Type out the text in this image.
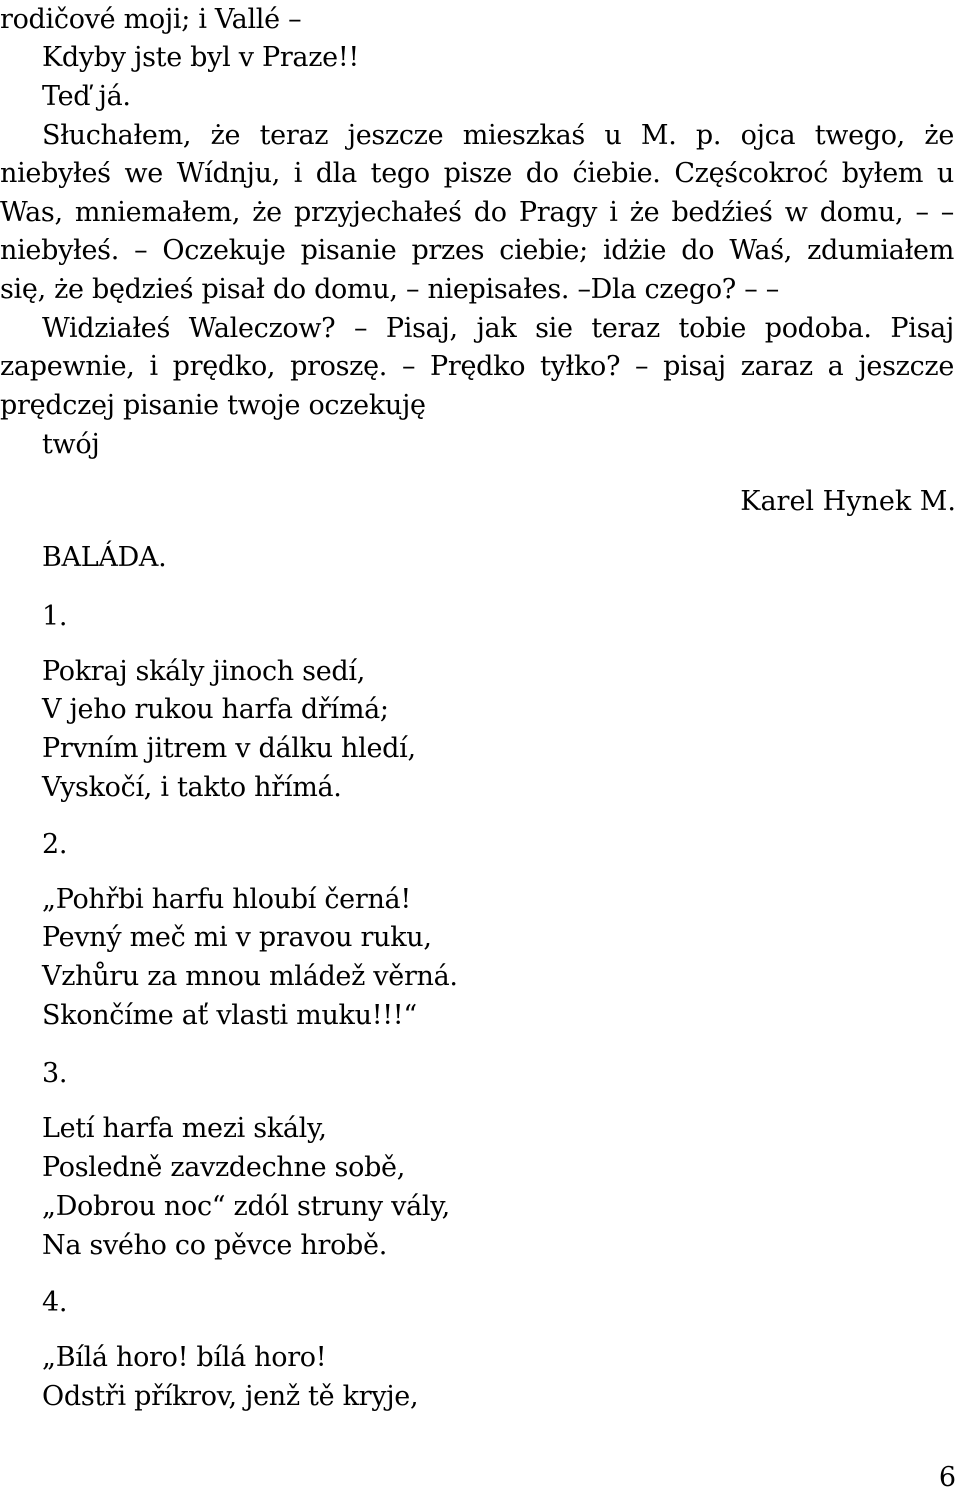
rodičové moji; i Vallé –
Kdyby jste byl v Praze!!
Teď já.
Słuchałem, że teraz jeszcze mieszkaś u M. p. ojca twego, że
niebyłeś we Wídnju, i dla tego pisze do ćiebie. Częścokroć byłem u
Was, mniemałem, że przyjechałeś do Pragy i że bedźieś w domu, – –
niebyłeś. – Oczekuje pisanie przes ciebie; idżie do Waś, zdumiałem
się, że będzieś pisał do domu, – niepisałes. –Dla czego? – –
Widziałeś Waleczow? – Pisaj, jak sie teraz tobie podoba. Pisaj
zapewnie, i prędko, proszę. – Prędko tyłko? – pisaj zaraz a jeszcze
prędczej pisanie twoje oczekuję
twój
Karel Hynek M.
BALÁDA.
1.
Pokraj skály jinoch sedí,
V jeho rukou harfa dřímá;
Prvním jitrem v dálku hledí,
Vyskočí, i takto hřímá.
2.
„Pohřbi harfu hloubí černá!
Pevný meč mi v pravou ruku,
Vzhůru za mnou mládež věrná.
Skončíme ať vlasti muku!!!“
3.
Letí harfa mezi skály,
Posledně zavzdechne sobě,
„Dobrou noc“ zdól struny vály,
Na svého co pěvce hrobě.
4.
„Bílá horo! bílá horo!
Odstři příkrov, jenž tě kryje,
6
